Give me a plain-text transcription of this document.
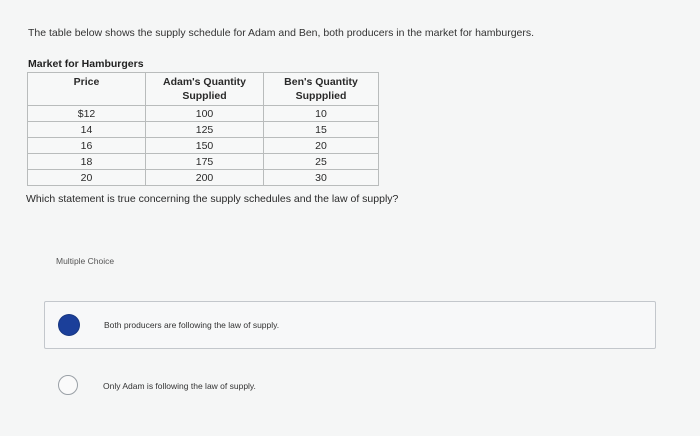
The table below shows the supply schedule for Adam and Ben, both producers in the market for hamburgers.
Market for Hamburgers
Price	Adam's Quantity Supplied	Ben's Quantity Suppplied
$12	100	10
14	125	15
16	150	20
18	175	25
20	200	30
Which statement is true concerning the supply schedules and the law of supply?
Multiple Choice
Both producers are following the law of supply.
Only Adam is following the law of supply.
